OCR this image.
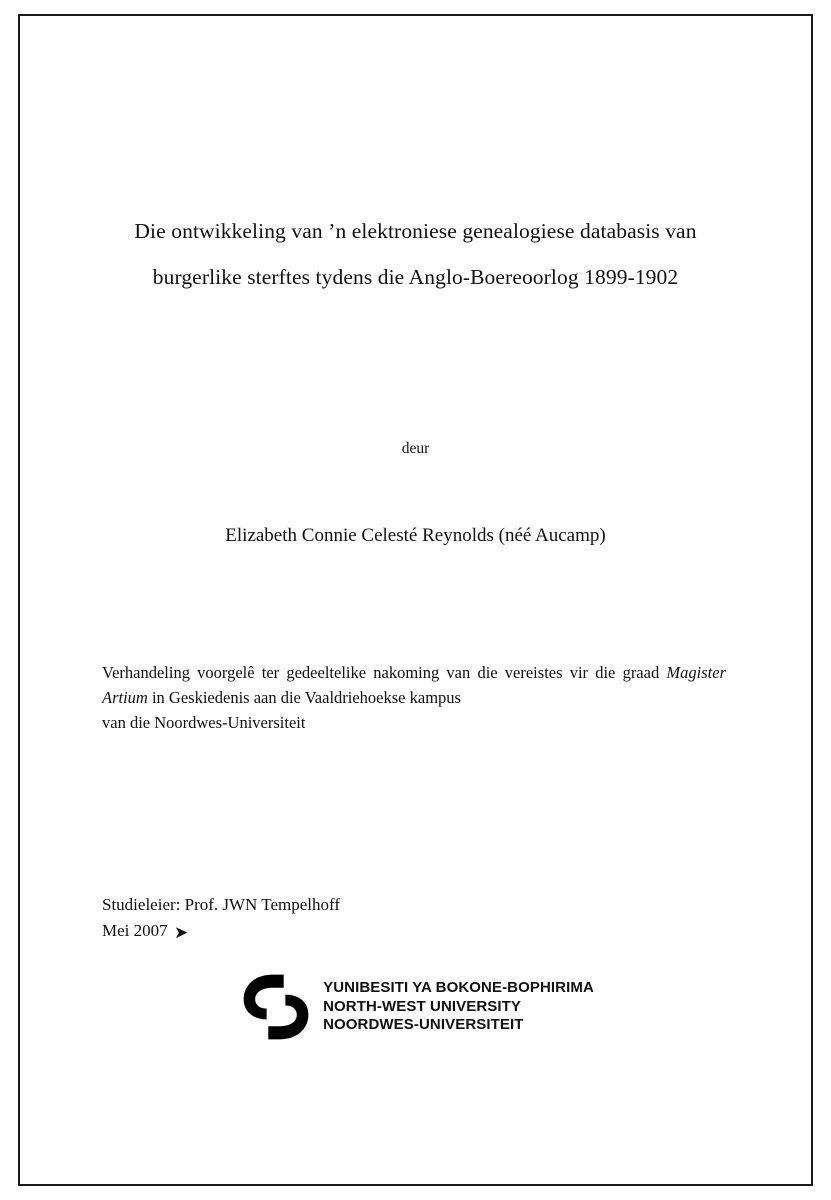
Die ontwikkeling van ’n elektroniese genealogiese databasis van
burgerlike sterftes tydens die Anglo-Boereoorlog 1899-1902
deur
Elizabeth Connie Celesté Reynolds (néé Aucamp)
Verhandeling voorgelê ter gedeeltelike nakoming van die vereistes vir die graad Magister Artium in Geskiedenis aan die Vaaldriehoekse kampus
van die Noordwes-Universiteit
Studieleier: Prof. JWN Tempelhoff
Mei 2007 ➤
YUNIBESITI YA BOKONE-BOPHIRIMA
NORTH-WEST UNIVERSITY
NOORDWES-UNIVERSITEIT
